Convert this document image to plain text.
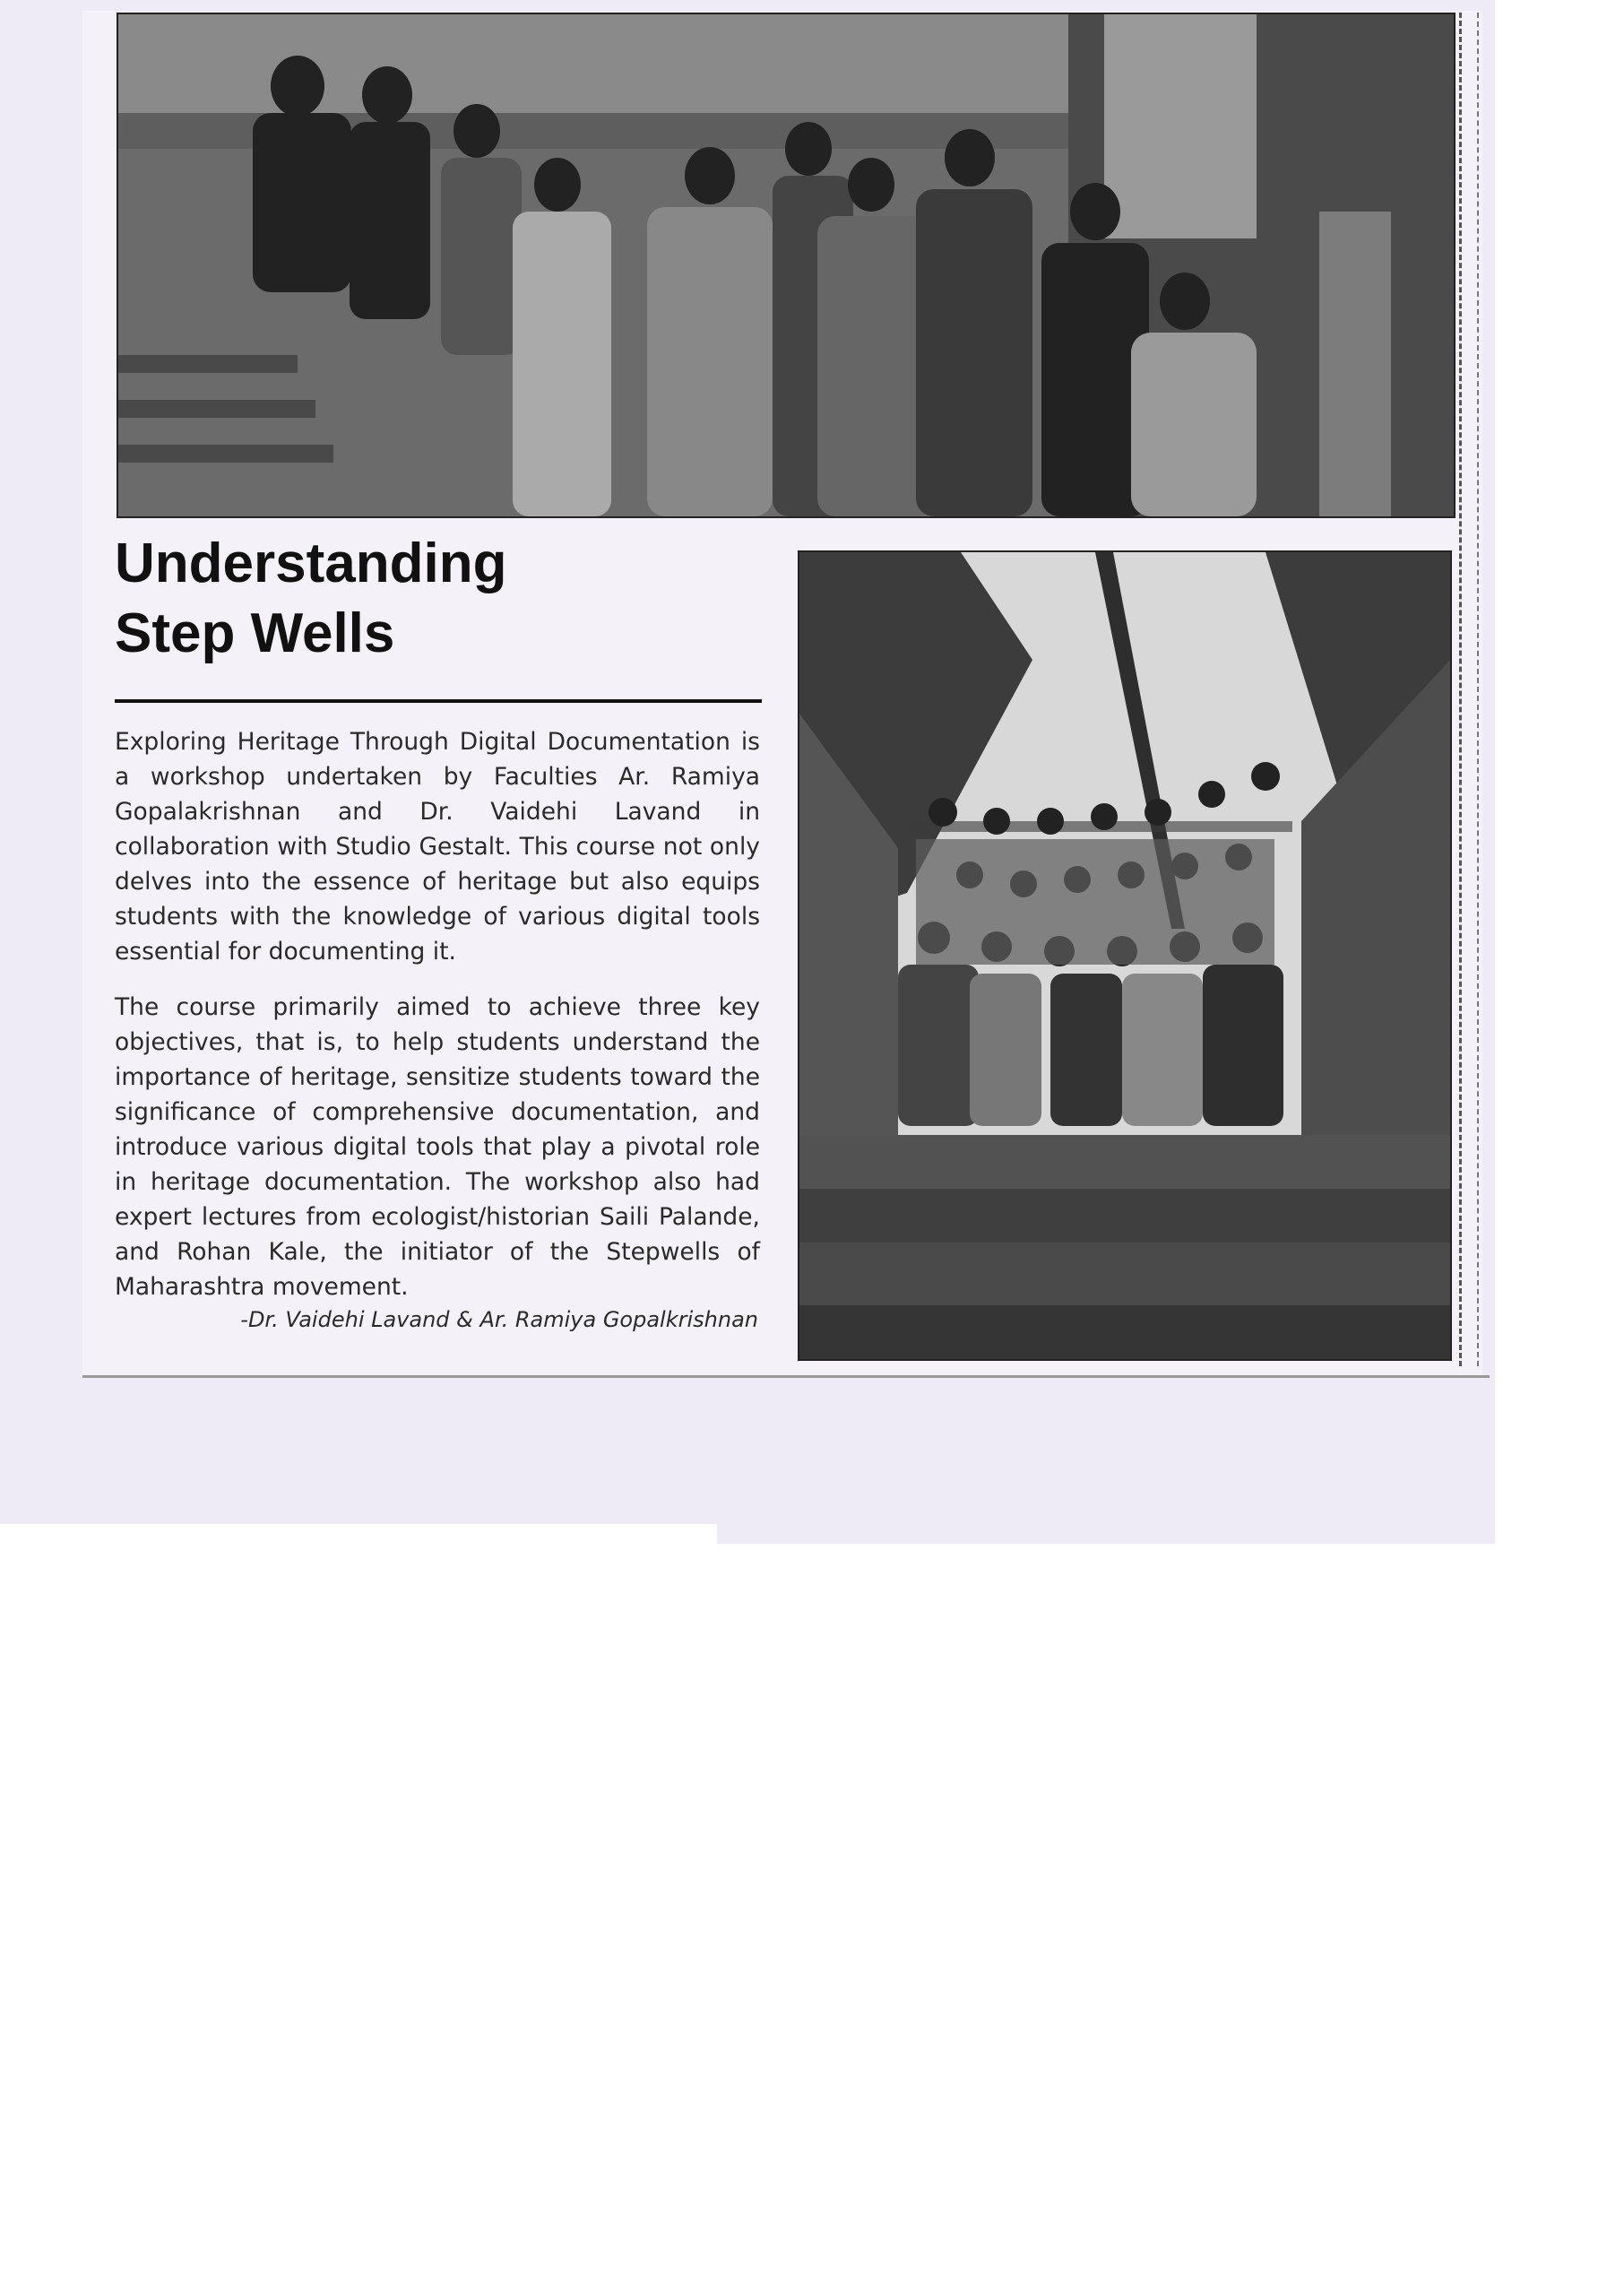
Understanding
Step Wells

Exploring Heritage Through Digital Documentation is a workshop undertaken by Faculties Ar. Ramiya Gopalakrishnan and Dr. Vaidehi Lavand in collaboration with Studio Gestalt. This course not only delves into the essence of heritage but also equips students with the knowledge of various digital tools essential for documenting it.

The course primarily aimed to achieve three key objectives, that is, to help students understand the importance of heritage, sensitize students toward the significance of comprehensive documentation, and introduce various digital tools that play a pivotal role in heritage documentation. The workshop also had expert lectures from ecologist/historian Saili Palande, and Rohan Kale, the initiator of the Stepwells of Maharashtra movement.

-Dr. Vaidehi Lavand & Ar. Ramiya Gopalkrishnan
